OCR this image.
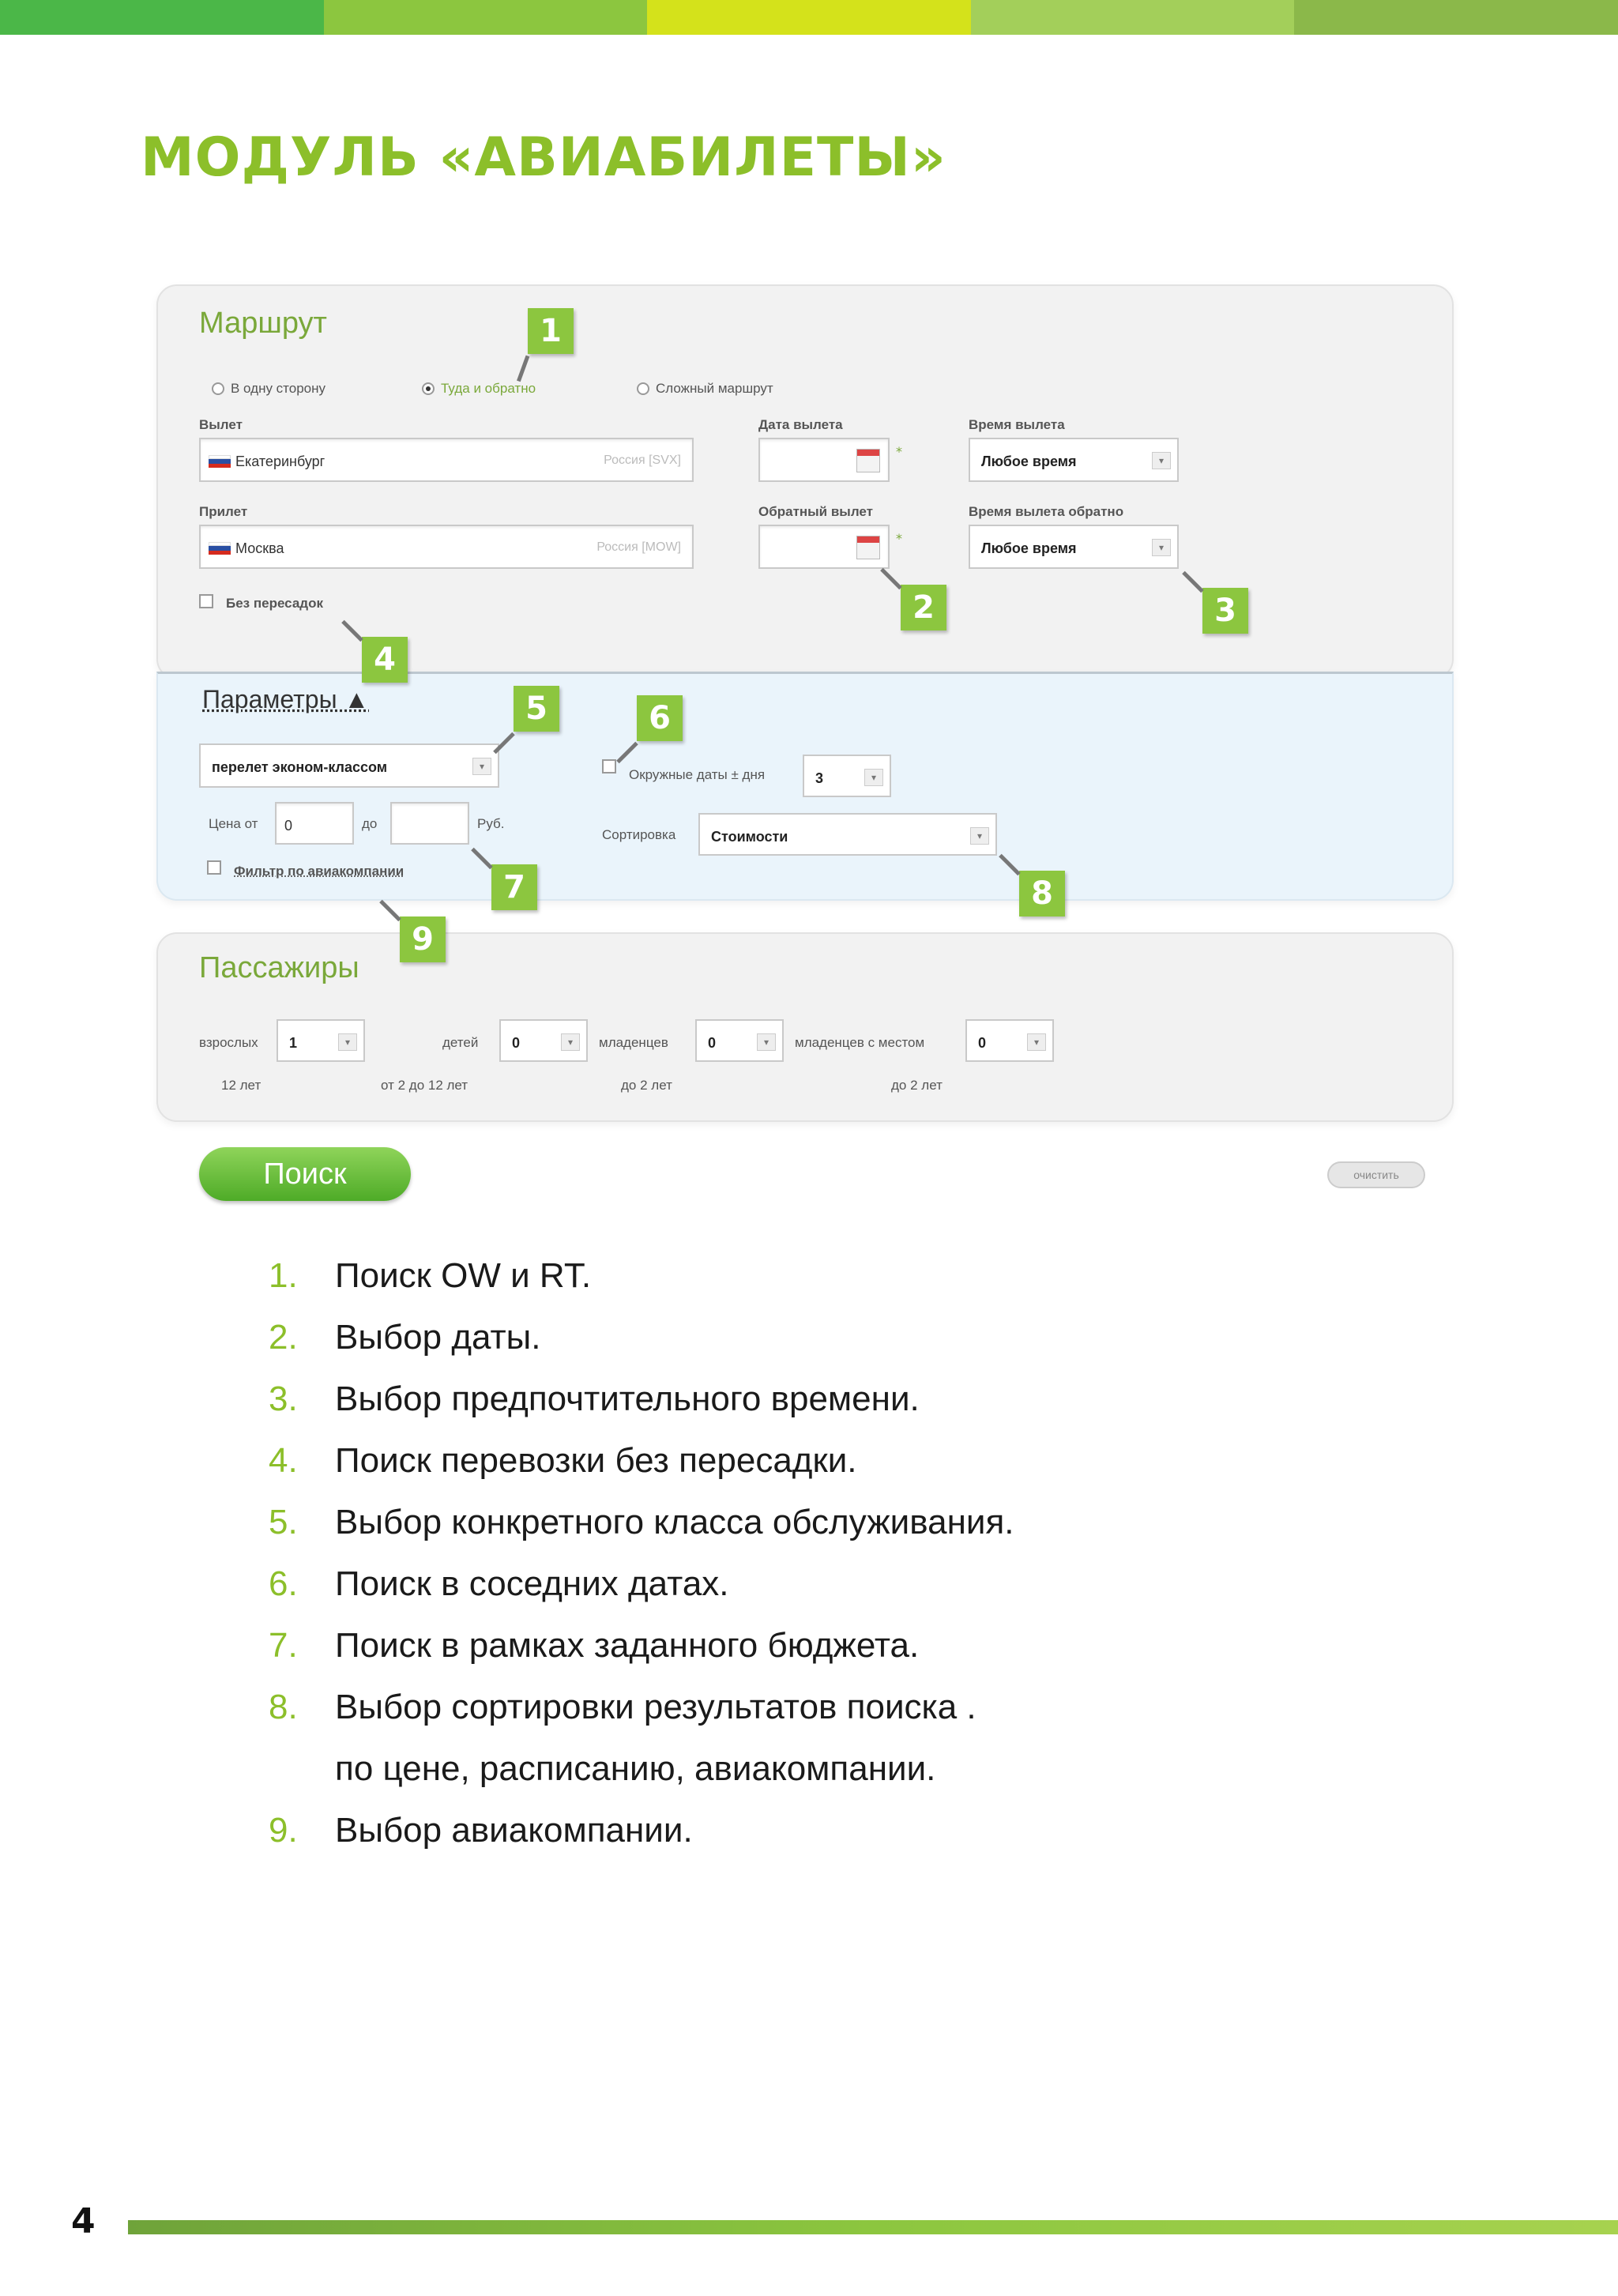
МОДУЛЬ «АВИАБИЛЕТЫ»
Маршрут
В одну сторону	Туда и обратно	Сложный маршрут
Вылет
Екатеринбург	Россия [SVX]
Прилет
Москва	Россия [MOW]
Дата вылета
*
Обратный вылет
*
Время вылета
Любое время	▾
Время вылета обратно
Любое время	▾
Без пересадок
Параметры ▲
перелет эконом-классом	▾
Цена от 0	до	Руб.
Окружные даты ± дня	3	▾
Сортировка Стоимости	▾
Фильтр по авиакомпании
Пассажиры
взрослых 1	▾
12 лет
детей 0	▾
от 2 до 12 лет
младенцев	0	▾
до 2 лет
младенцев с местом	0	▾
до 2 лет
1
2	3
4
5	6
7	8
9
Поиск	очистить
1.	Поиск OW и RT.
2.	Выбор даты.
3.	Выбор предпочтительного времени.
4.	Поиск перевозки без пересадки.
5.	Выбор конкретного класса обслуживания.
6.	Поиск в соседних датах.
7.	Поиск в рамках заданного бюджета.
8.	Выбор сортировки результатов поиска .
по цене, расписанию, авиакомпании.
9.	Выбор авиакомпании.
4
